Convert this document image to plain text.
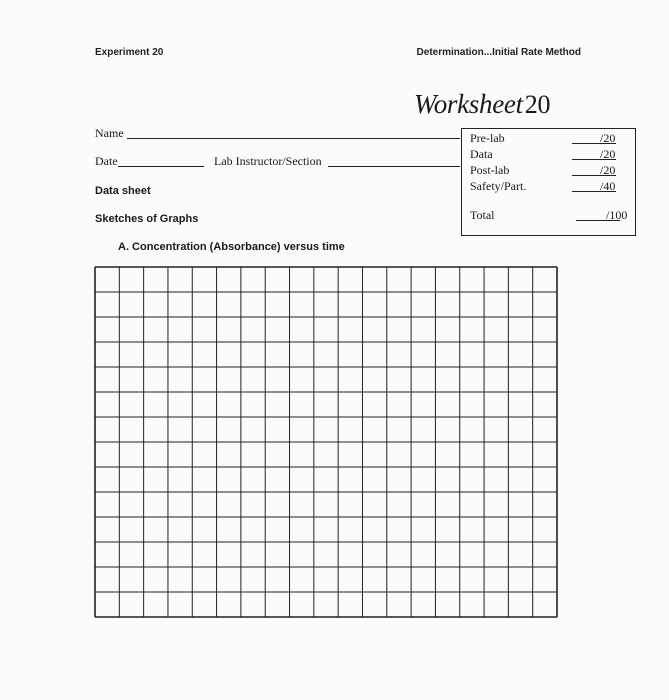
Experiment 20	Determination...Initial Rate Method
Worksheet20
Name
Date	Lab Instructor/Section
Data sheet
Sketches of Graphs
A. Concentration (Absorbance) versus time
Pre-lab	/20
Data	/20
Post-lab	/20
Safety/Part.	/40
Total	/100
